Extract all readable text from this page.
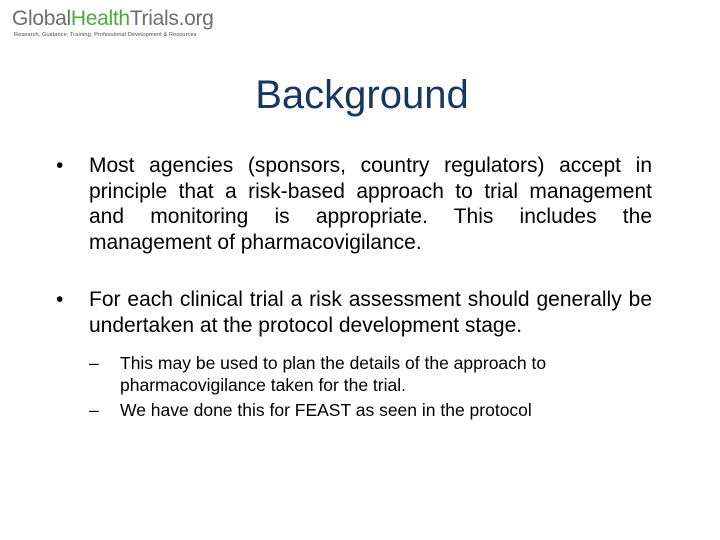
GlobalHealthTrials.org
Research, Guidance, Training, Professional Development & Resources
Background
•	Most agencies (sponsors, country regulators) accept in principle that a risk-based approach to trial management and monitoring is appropriate. This includes the management of pharmacovigilance.
•	For each clinical trial a risk assessment should generally be undertaken at the protocol development stage.
– This may be used to plan the details of the approach to pharmacovigilance taken for the trial.
– We have done this for FEAST as seen in the protocol
